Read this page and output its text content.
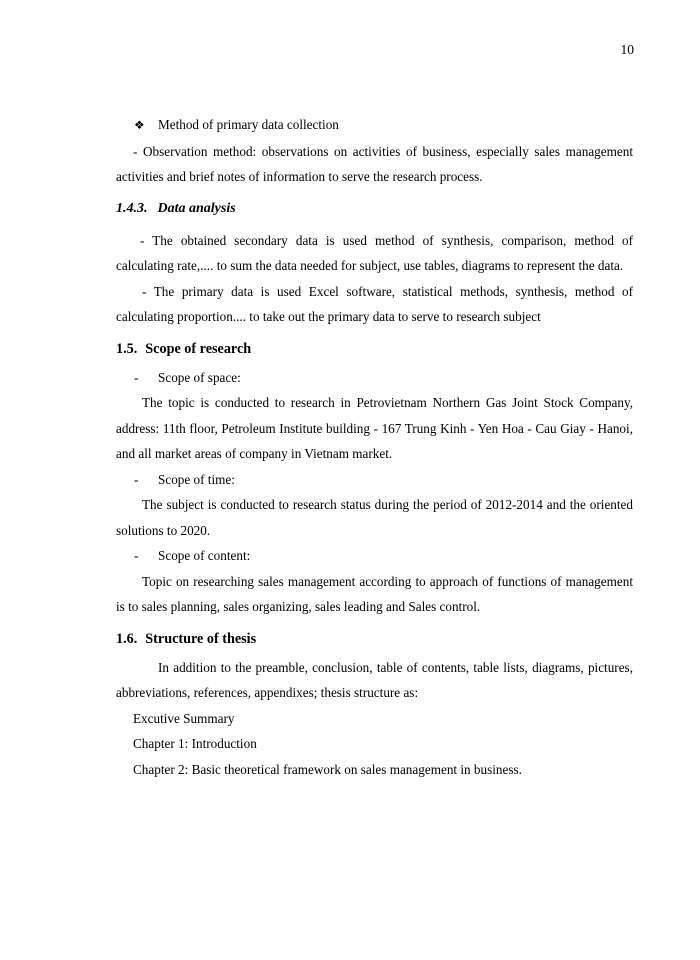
10
❖ Method of primary data collection

- Observation method: observations on activities of business, especially sales management activities and brief notes of information to serve the research process.

1.4.3. Data analysis

- The obtained secondary data is used method of synthesis, comparison, method of calculating rate,.... to sum the data needed for subject, use tables, diagrams to represent the data.

- The primary data is used Excel software, statistical methods, synthesis, method of calculating proportion.... to take out the primary data to serve to research subject

1.5. Scope of research
- Scope of space:

The topic is conducted to research in Petrovietnam Northern Gas Joint Stock Company, address: 11th floor, Petroleum Institute building - 167 Trung Kinh - Yen Hoa - Cau Giay - Hanoi, and all market areas of company in Vietnam market.

- Scope of time:

The subject is conducted to research status during the period of 2012-2014 and the oriented solutions to 2020.

- Scope of content:

Topic on researching sales management according to approach of functions of management is to sales planning, sales organizing, sales leading and Sales control.

1.6. Structure of thesis

In addition to the preamble, conclusion, table of contents, table lists, diagrams, pictures, abbreviations, references, appendixes; thesis structure as:

Excutive Summary
Chapter 1: Introduction
Chapter 2: Basic theoretical framework on sales management in business.
